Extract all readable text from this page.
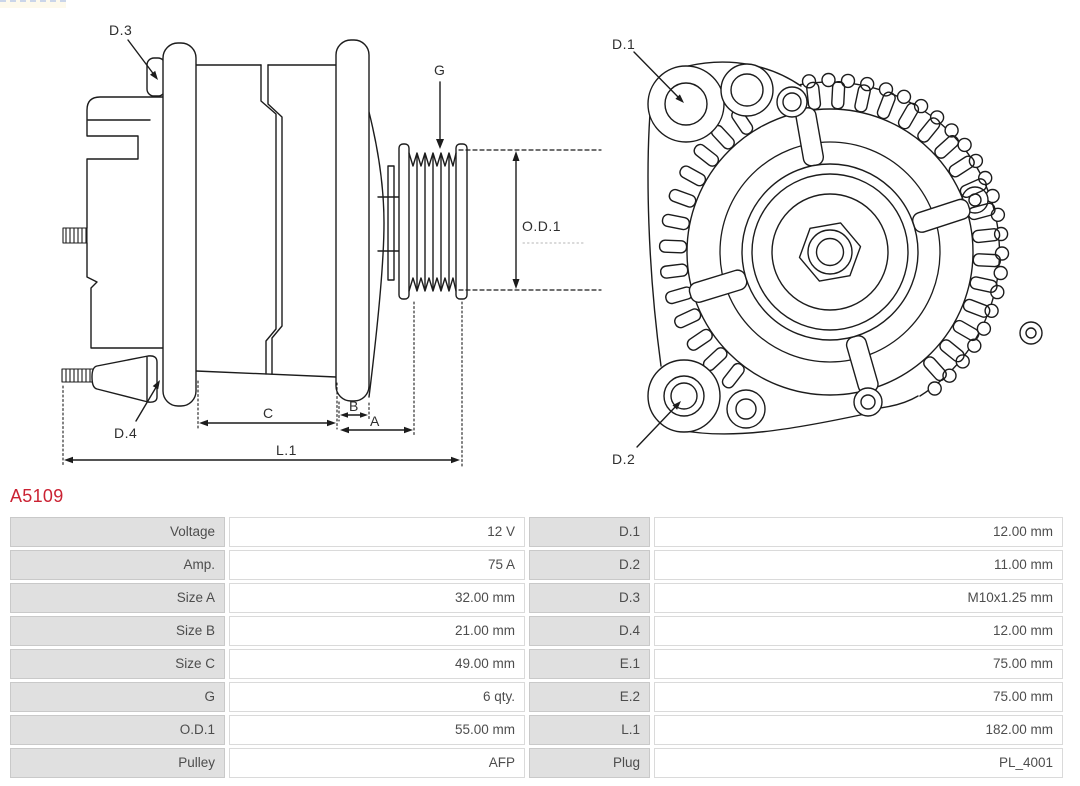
D.3
D.4
G
O.D.1
C	B
A
L.1
D.1
D.2
A5109
Voltage	12 V	D.1	12.00 mm
Amp.	75 A	D.2	11.00 mm
Size A	32.00 mm	D.3	M10x1.25 mm
Size B	21.00 mm	D.4	12.00 mm
Size C	49.00 mm	E.1	75.00 mm
G	6 qty.	E.2	75.00 mm
O.D.1	55.00 mm	L.1	182.00 mm
Pulley	AFP	Plug	PL_4001
